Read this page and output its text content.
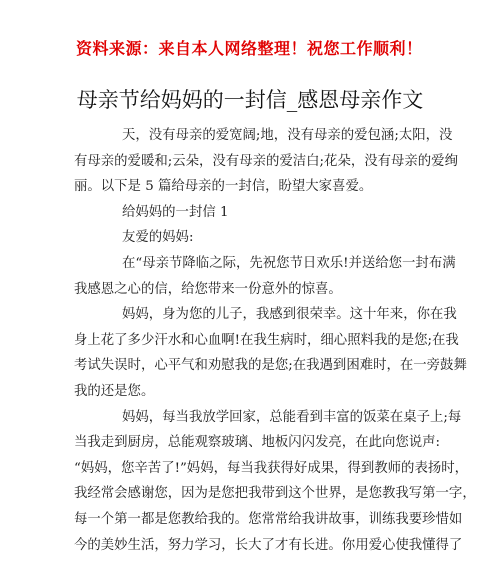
资料来源：来自本人网络整理！祝您工作顺利！
母亲节给妈妈的一封信_感恩母亲作文
天，没有母亲的爱宽阔;地，没有母亲的爱包涵;太阳，没
有母亲的爱暖和;云朵，没有母亲的爱洁白;花朵，没有母亲的爱绚
丽。以下是 5 篇给母亲的一封信，盼望大家喜爱。
给妈妈的一封信 1
友爱的妈妈:
在“母亲节降临之际，先祝您节日欢乐!并送给您一封布满
我感恩之心的信，给您带来一份意外的惊喜。
妈妈，身为您的儿子，我感到很荣幸。这十年来，你在我
身上花了多少汗水和心血啊!在我生病时，细心照料我的是您;在我
考试失误时，心平气和劝慰我的是您;在我遇到困难时，在一旁鼓舞
我的还是您。
妈妈，每当我放学回家，总能看到丰富的饭菜在桌子上;每
当我走到厨房，总能观察玻璃、地板闪闪发亮，在此向您说声:
“妈妈，您辛苦了!”妈妈，每当我获得好成果，得到教师的表扬时，
我经常会感谢您，因为是您把我带到这个世界，是您教我写第一字，
每一个第一都是您教给我的。您常常给我讲故事，训练我要珍惜如
今的美妙生活，努力学习，长大了才有长进。你用爱心使我懂得了
